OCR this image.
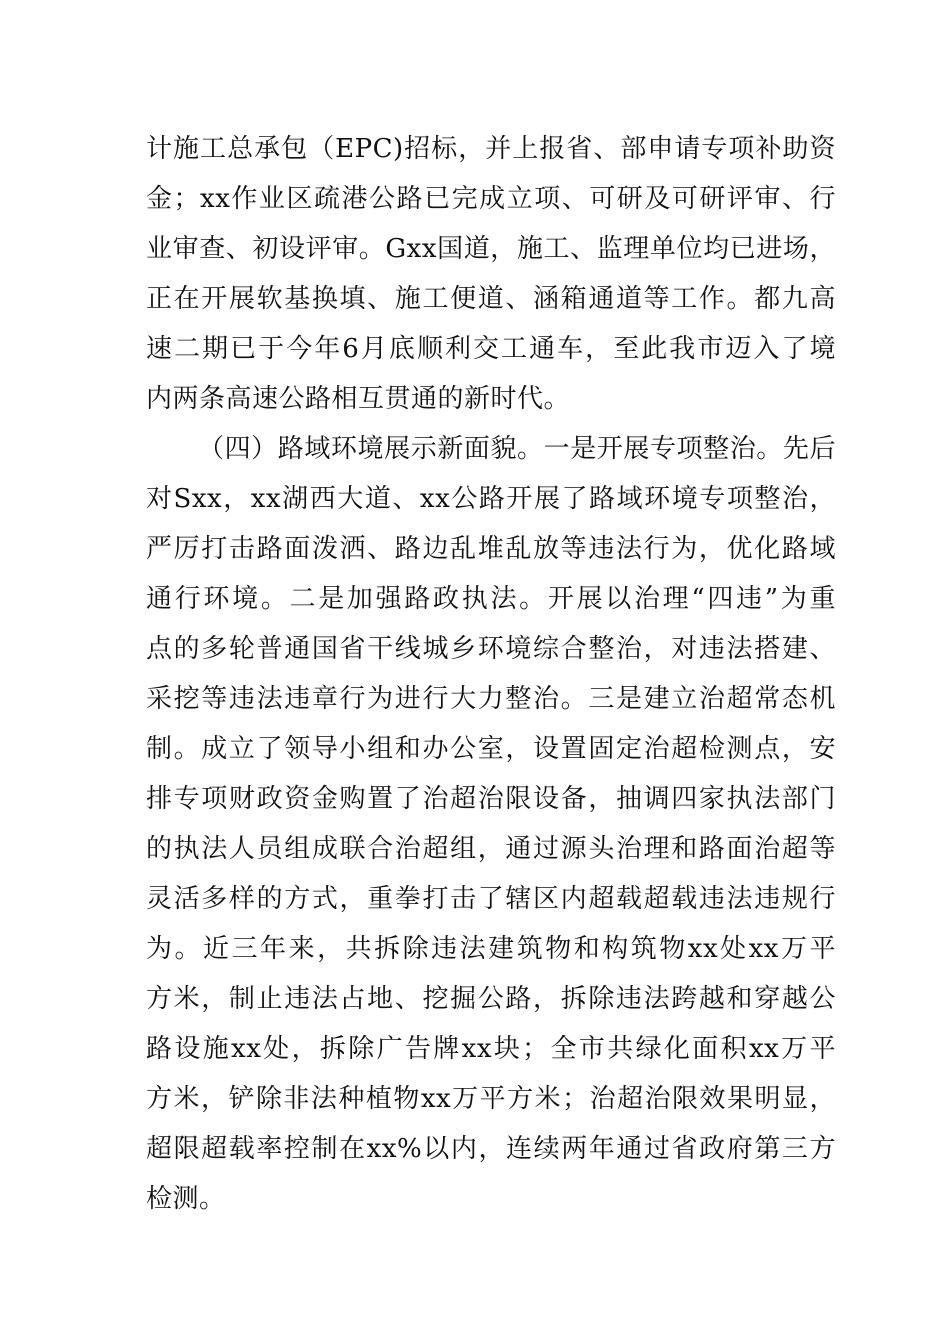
计施工总承包（EPC)招标，并上报省、部申请专项补助资
金；xx作业区疏港公路已完成立项、可研及可研评审、行
业审查、初设评审。Gxx国道，施工、监理单位均已进场，
正在开展软基换填、施工便道、涵箱通道等工作。都九高
速二期已于今年6月底顺利交工通车，至此我市迈入了境
内两条高速公路相互贯通的新时代。
（四）路域环境展示新面貌。一是开展专项整治。先后
对Sxx，xx湖西大道、xx公路开展了路域环境专项整治，
严厉打击路面泼洒、路边乱堆乱放等违法行为，优化路域
通行环境。二是加强路政执法。开展以治理“四违”为重
点的多轮普通国省干线城乡环境综合整治，对违法搭建、
采挖等违法违章行为进行大力整治。三是建立治超常态机
制。成立了领导小组和办公室，设置固定治超检测点，安
排专项财政资金购置了治超治限设备，抽调四家执法部门
的执法人员组成联合治超组，通过源头治理和路面治超等
灵活多样的方式，重拳打击了辖区内超载超载违法违规行
为。近三年来，共拆除违法建筑物和构筑物xx处xx万平
方米，制止违法占地、挖掘公路，拆除违法跨越和穿越公
路设施xx处，拆除广告牌xx块；全市共绿化面积xx万平
方米，铲除非法种植物xx万平方米；治超治限效果明显，
超限超载率控制在xx%以内，连续两年通过省政府第三方
检测。
